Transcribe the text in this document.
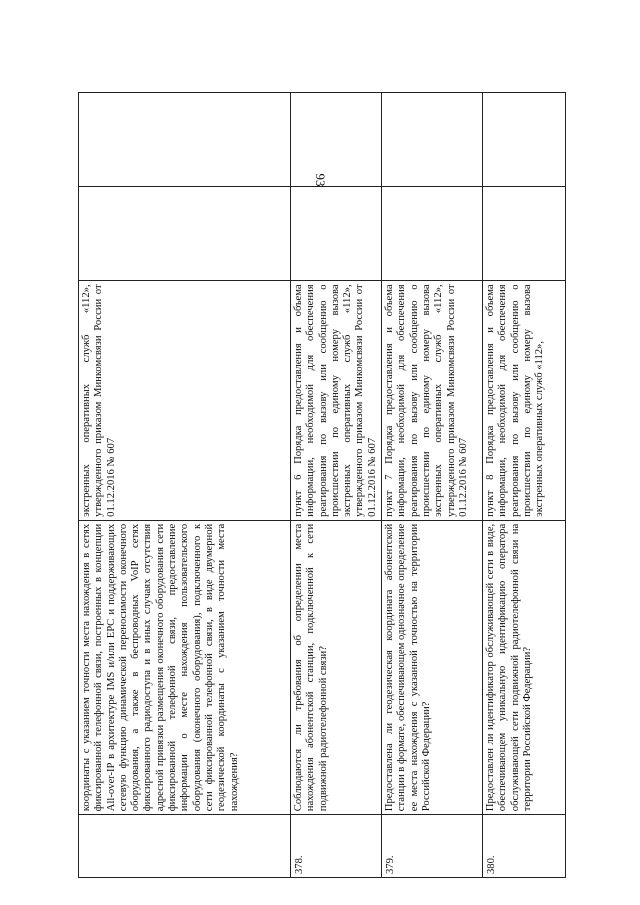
93
	координаты с указанием точности места нахождения в сетях фиксированной телефонной связи, построенных в концепции All-over-IP в архитектуре IMS и/или EPC и поддерживающих сетевую функцию динамической переносимости оконечного оборудования, а также в беспроводных VoIP сетях фиксированного радиодоступа и в иных случаях отсутствия адресной привязки размещения оконечного оборудования сети фиксированной телефонной связи, предоставление информации о месте нахождения пользовательского оборудования (оконечного оборудования), подключенного к сети фиксированной телефонной связи, в виде двумерной геодезической координаты с указанием точности места нахождения?	экстренных оперативных служб «112», утвержденного приказом Минкомсвязи России от 01.12.2016 № 607		
378.	Соблюдаются ли требования об определении места нахождения абонентской станции, подключенной к сети подвижной радиотелефонной связи?	пункт 6 Порядка предоставления и объема информации, необходимой для обеспечения реагирования по вызову или сообщению о происшествии по единому номеру вызова экстренных оперативных служб «112», утвержденного приказом Минкомсвязи России от 01.12.2016 № 607		
379.	Предоставлена ли геодезическая координата абонентской станции в формате, обеспечивающем однозначное определение ее места нахождения с указанной точностью на территории Российской Федерации?	пункт 7 Порядка предоставления и объема информации, необходимой для обеспечения реагирования по вызову или сообщению о происшествии по единому номеру вызова экстренных оперативных служб «112», утвержденного приказом Минкомсвязи России от 01.12.2016 № 607		
380.	Предоставлен ли идентификатор обслуживающей сети в виде, обеспечивающем уникальную идентификацию оператора обслуживающей сети подвижной радиотелефонной связи на территории Российской Федерации?	пункт 8 Порядка предоставления и объема информации, необходимой для обеспечения реагирования по вызову или сообщению о происшествии по единому номеру вызова экстренных оперативных служб «112»,		
